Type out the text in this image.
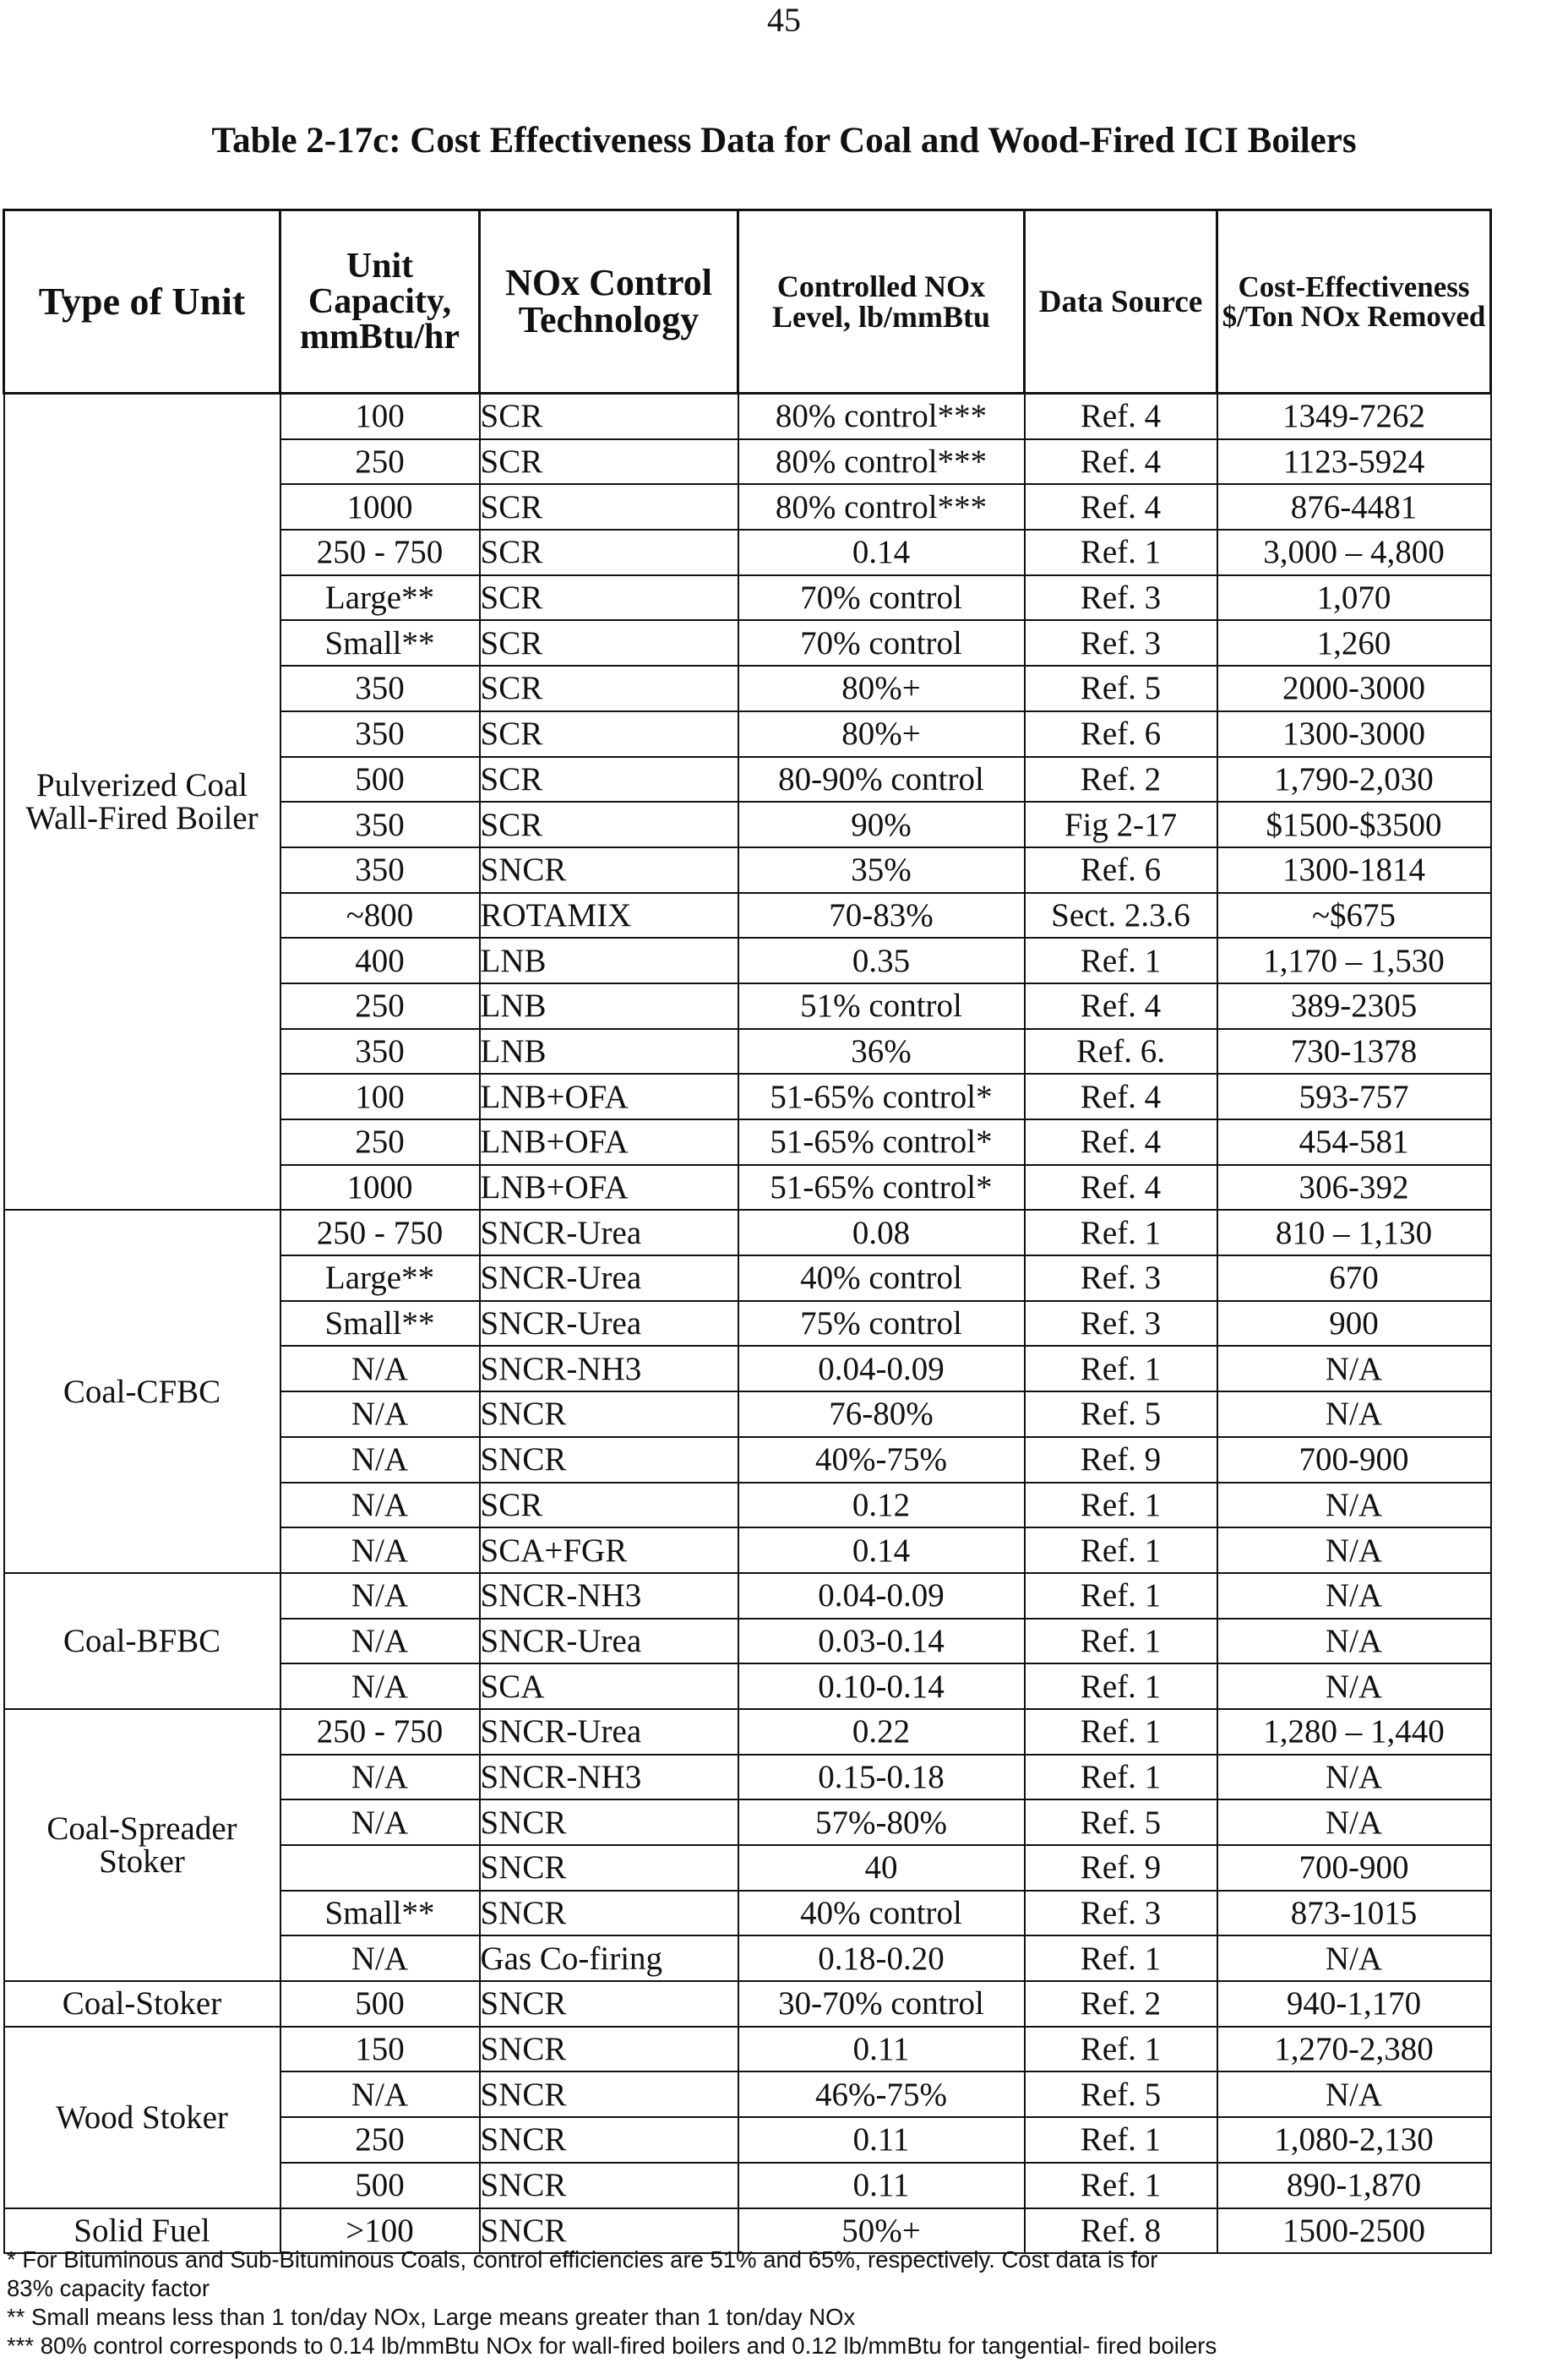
45
Table 2-17c: Cost Effectiveness Data for Coal and Wood-Fired ICI Boilers
Type of Unit	Unit Capacity, mmBtu/hr	NOx Control Technology	Controlled NOx Level, lb/mmBtu	Data Source	Cost-Effectiveness $/Ton NOx Removed
Pulverized Coal Wall-Fired Boiler	100	SCR	80% control***	Ref. 4	1349-7262
	250	SCR	80% control***	Ref. 4	1123-5924
	1000	SCR	80% control***	Ref. 4	876-4481
	250 - 750	SCR	0.14	Ref. 1	3,000 – 4,800
	Large**	SCR	70% control	Ref. 3	1,070
	Small**	SCR	70% control	Ref. 3	1,260
	350	SCR	80%+	Ref. 5	2000-3000
	350	SCR	80%+	Ref. 6	1300-3000
	500	SCR	80-90% control	Ref. 2	1,790-2,030
	350	SCR	90%	Fig 2-17	$1500-$3500
	350	SNCR	35%	Ref. 6	1300-1814
	~800	ROTAMIX	70-83%	Sect. 2.3.6	~$675
	400	LNB	0.35	Ref. 1	1,170 – 1,530
	250	LNB	51% control	Ref. 4	389-2305
	350	LNB	36%	Ref. 6.	730-1378
	100	LNB+OFA	51-65% control*	Ref. 4	593-757
	250	LNB+OFA	51-65% control*	Ref. 4	454-581
	1000	LNB+OFA	51-65% control*	Ref. 4	306-392
Coal-CFBC	250 - 750	SNCR-Urea	0.08	Ref. 1	810 – 1,130
	Large**	SNCR-Urea	40% control	Ref. 3	670
	Small**	SNCR-Urea	75% control	Ref. 3	900
	N/A	SNCR-NH3	0.04-0.09	Ref. 1	N/A
	N/A	SNCR	76-80%	Ref. 5	N/A
	N/A	SNCR	40%-75%	Ref. 9	700-900
	N/A	SCR	0.12	Ref. 1	N/A
	N/A	SCA+FGR	0.14	Ref. 1	N/A
Coal-BFBC	N/A	SNCR-NH3	0.04-0.09	Ref. 1	N/A
	N/A	SNCR-Urea	0.03-0.14	Ref. 1	N/A
	N/A	SCA	0.10-0.14	Ref. 1	N/A
Coal-Spreader Stoker	250 - 750	SNCR-Urea	0.22	Ref. 1	1,280 – 1,440
	N/A	SNCR-NH3	0.15-0.18	Ref. 1	N/A
	N/A	SNCR	57%-80%	Ref. 5	N/A
		SNCR	40	Ref. 9	700-900
	Small**	SNCR	40% control	Ref. 3	873-1015
	N/A	Gas Co-firing	0.18-0.20	Ref. 1	N/A
Coal-Stoker	500	SNCR	30-70% control	Ref. 2	940-1,170
Wood Stoker	150	SNCR	0.11	Ref. 1	1,270-2,380
	N/A	SNCR	46%-75%	Ref. 5	N/A
	250	SNCR	0.11	Ref. 1	1,080-2,130
	500	SNCR	0.11	Ref. 1	890-1,870
Solid Fuel	>100	SNCR	50%+	Ref. 8	1500-2500
* For Bituminous and Sub-Bituminous Coals, control efficiencies are 51% and 65%, respectively. Cost data is for
83% capacity factor
** Small means less than 1 ton/day NOx, Large means greater than 1 ton/day NOx
*** 80% control corresponds to 0.14 lb/mmBtu NOx for wall-fired boilers and 0.12 lb/mmBtu for tangential- fired boilers
